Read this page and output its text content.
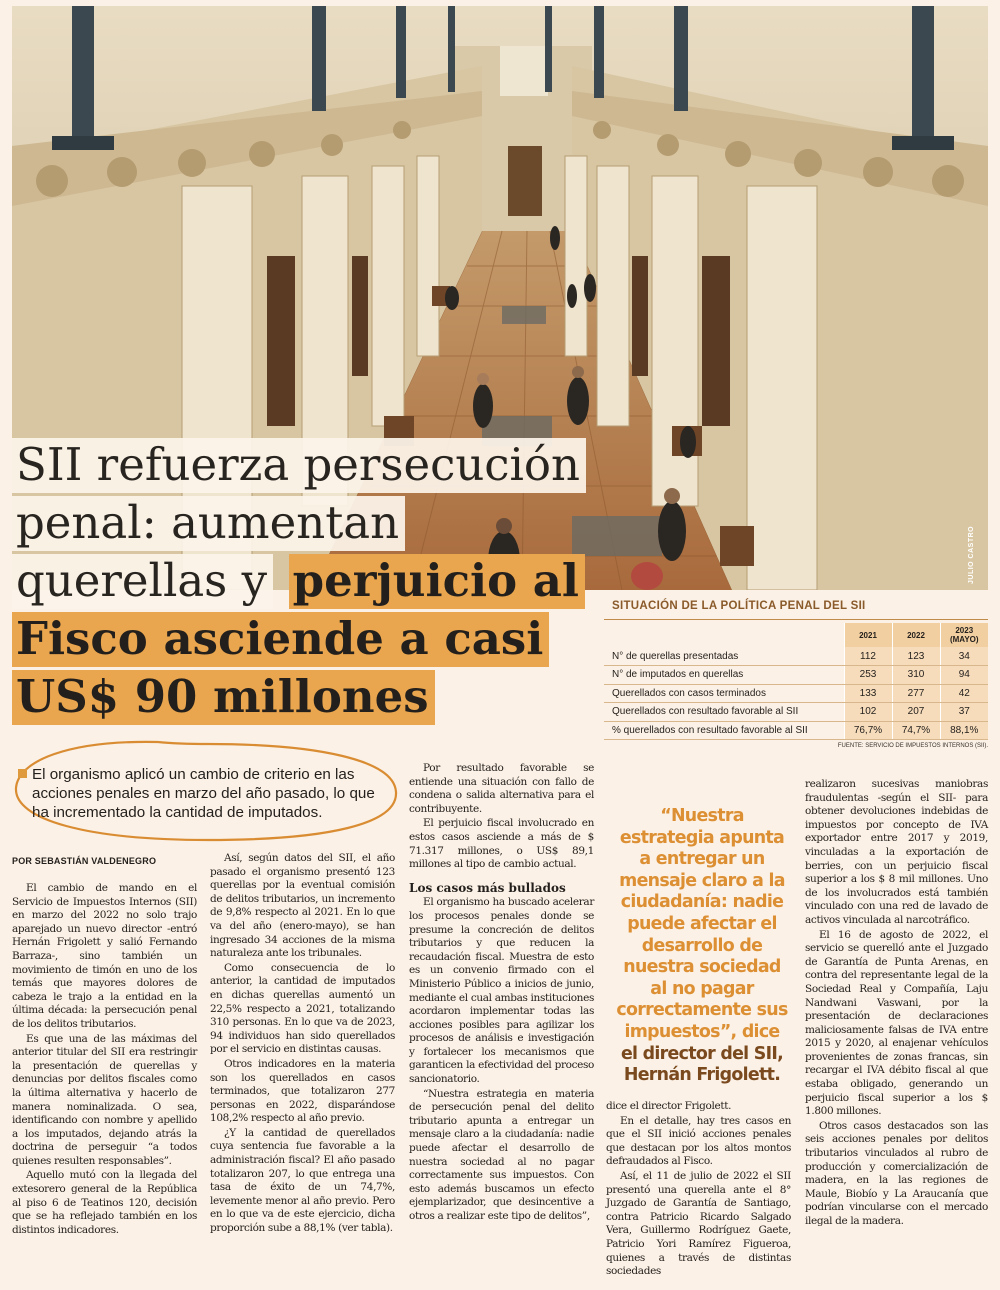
JULIO CASTRO
SII refuerza persecución penal: aumentan querellas y perjuicio al Fisco asciende a casi US$ 90 millones
SITUACIÓN DE LA POLÍTICA PENAL DEL SII
	2021	2022	2023
(MAYO)
N° de querellas presentadas	112	123	34
N° de imputados en querellas	253	310	94
Querellados con casos terminados	133	277	42
Querellados con resultado favorable al SII	102	207	37
% querellados con resultado favorable al SII	76,7%	74,7%	88,1%
FUENTE: SERVICIO DE IMPUESTOS INTERNOS (SII).
El organismo aplicó un cambio de criterio en las acciones penales en marzo del año pasado, lo que ha incrementado la cantidad de imputados.
POR SEBASTIÁN VALDENEGRO

El cambio de mando en el Servicio de Impuestos Internos (SII) en marzo del 2022 no solo trajo aparejado un nuevo director -entró Hernán Frigolett y salió Fernando Barraza-, sino también un movimiento de timón en uno de los temás que mayores dolores de cabeza le trajo a la entidad en la última década: la persecución penal de los delitos tributarios.

Es que una de las máximas del anterior titular del SII era restringir la presentación de querellas y denuncias por delitos fiscales como la última alternativa y hacerlo de manera nominalizada. O sea, identificando con nombre y apellido a los imputados, dejando atrás la doctrina de perseguir “a todos quienes resulten responsables”.

Aquello mutó con la llegada del extesorero general de la República al piso 6 de Teatinos 120, decisión que se ha reflejado también en los distintos indicadores.

Así, según datos del SII, el año pasado el organismo presentó 123 querellas por la eventual comisión de delitos tributarios, un incremento de 9,8% respecto al 2021. En lo que va del año (enero-mayo), se han ingresado 34 acciones de la misma naturaleza ante los tribunales.

Como consecuencia de lo anterior, la cantidad de imputados en dichas querellas aumentó un 22,5% respecto a 2021, totalizando 310 personas. En lo que va de 2023, 94 individuos han sido querellados por el servicio en distintas causas.

Otros indicadores en la materia son los querellados en casos terminados, que totalizaron 277 personas en 2022, disparándose 108,2% respecto al año previo.

¿Y la cantidad de querellados cuya sentencia fue favorable a la administración fiscal? El año pasado totalizaron 207, lo que entrega una tasa de éxito de un 74,7%, levemente menor al año previo. Pero en lo que va de este ejercicio, dicha proporción sube a 88,1% (ver tabla).

Por resultado favorable se entiende una situación con fallo de condena o salida alternativa para el contribuyente.

El perjuicio fiscal involucrado en estos casos asciende a más de $ 71.317 millones, o US$ 89,1 millones al tipo de cambio actual.

Los casos más bullados

El organismo ha buscado acelerar los procesos penales donde se presume la concreción de delitos tributarios y que reducen la recaudación fiscal. Muestra de esto es un convenio firmado con el Ministerio Público a inicios de junio, mediante el cual ambas instituciones acordaron implementar todas las acciones posibles para agilizar los procesos de análisis e investigación y fortalecer los mecanismos que garanticen la efectividad del proceso sancionatorio.

“Nuestra estrategia en materia de persecución penal del delito tributario apunta a entregar un mensaje claro a la ciudadanía: nadie puede afectar el desarrollo de nuestra sociedad al no pagar correctamente sus impuestos. Con esto además buscamos un efecto ejemplarizador, que desincentive a otros a realizar este tipo de delitos”,

“Nuestra estrategia apunta a entregar un mensaje claro a la ciudadanía: nadie puede afectar el desarrollo de nuestra sociedad al no pagar correctamente sus impuestos”, dice el director del SII, Hernán Frigolett.

dice el director Frigolett.

En el detalle, hay tres casos en que el SII inició acciones penales que destacan por los altos montos defraudados al Fisco.

Así, el 11 de julio de 2022 el SII presentó una querella ante el 8° Juzgado de Garantía de Santiago, contra Patricio Ricardo Salgado Vera, Guillermo Rodríguez Gaete, Patricio Yori Ramírez Figueroa, quienes a través de distintas sociedades

realizaron sucesivas maniobras fraudulentas -según el SII- para obtener devoluciones indebidas de impuestos por concepto de IVA exportador entre 2017 y 2019, vinculadas a la exportación de berries, con un perjuicio fiscal superior a los $ 8 mil millones. Uno de los involucrados está también vinculado con una red de lavado de activos vinculada al narcotráfico.

El 16 de agosto de 2022, el servicio se querelló ante el Juzgado de Garantía de Punta Arenas, en contra del representante legal de la Sociedad Real y Compañía, Laju Nandwani Vaswani, por la presentación de declaraciones maliciosamente falsas de IVA entre 2015 y 2020, al enajenar vehículos provenientes de zonas francas, sin recargar el IVA débito fiscal al que estaba obligado, generando un perjuicio fiscal superior a los $ 1.800 millones.

Otros casos destacados son las seis acciones penales por delitos tributarios vinculados al rubro de producción y comercialización de madera, en la las regiones de Maule, Biobío y La Araucanía que podrían vincularse con el mercado ilegal de la madera.
